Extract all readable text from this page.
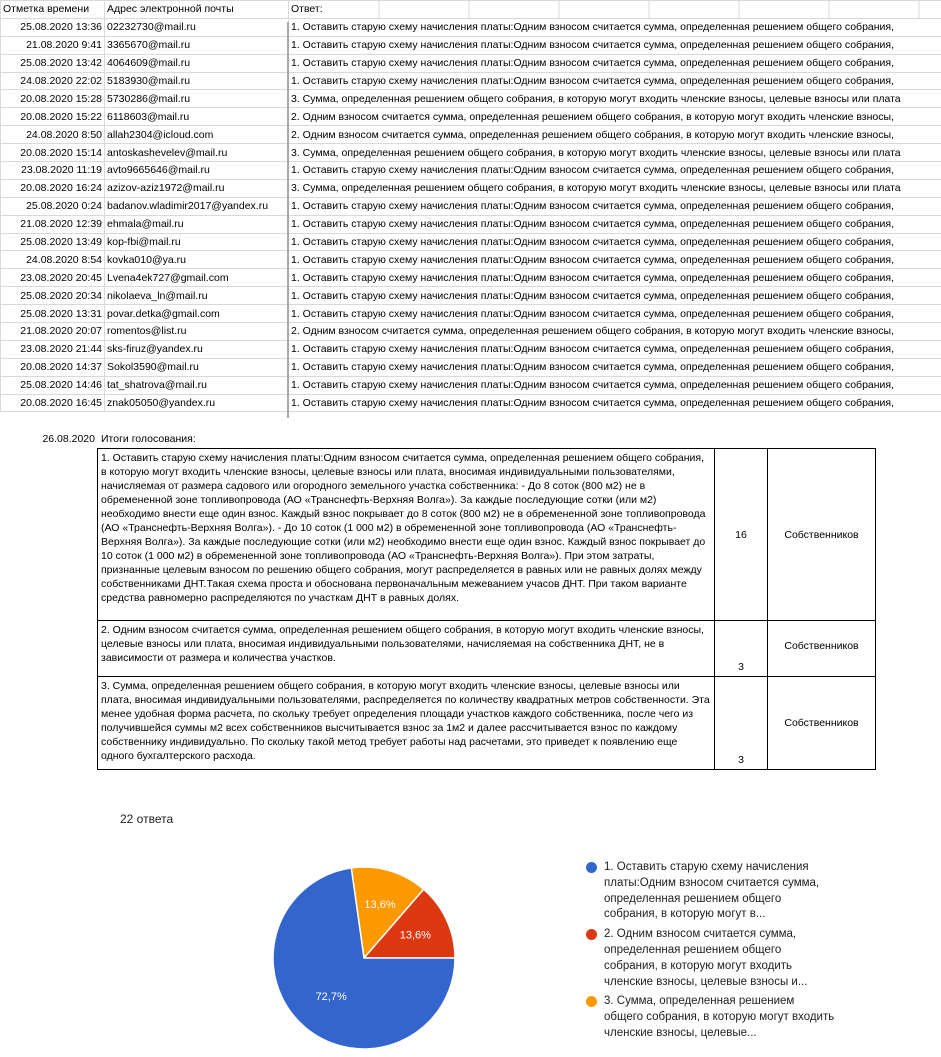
Отметка времени	Адрес электронной почты	Ответ:
25.08.2020 13:36	02232730@mail.ru	1. Оставить старую схему начисления платы:Одним взносом считается сумма, определенная решением общего собрания,
21.08.2020 9:41	3365670@mail.ru	1. Оставить старую схему начисления платы:Одним взносом считается сумма, определенная решением общего собрания,
25.08.2020 13:42	4064609@mail.ru	1. Оставить старую схему начисления платы:Одним взносом считается сумма, определенная решением общего собрания,
24.08.2020 22:02	5183930@mail.ru	1. Оставить старую схему начисления платы:Одним взносом считается сумма, определенная решением общего собрания,
20.08.2020 15:28	5730286@mail.ru	3. Сумма, определенная решением общего собрания, в которую могут входить членские взносы, целевые взносы или плата
20.08.2020 15:22	6118603@mail.ru	2. Одним взносом считается сумма, определенная решением общего собрания, в которую могут входить членские взносы,
24.08.2020 8:50	allah2304@icloud.com	2. Одним взносом считается сумма, определенная решением общего собрания, в которую могут входить членские взносы,
20.08.2020 15:14	antoskashevelev@mail.ru	3. Сумма, определенная решением общего собрания, в которую могут входить членские взносы, целевые взносы или плата
23.08.2020 11:19	avto9665646@mail.ru	1. Оставить старую схему начисления платы:Одним взносом считается сумма, определенная решением общего собрания,
20.08.2020 16:24	azizov-aziz1972@mail.ru	3. Сумма, определенная решением общего собрания, в которую могут входить членские взносы, целевые взносы или плата
25.08.2020 0:24	badanov.wladimir2017@yandex.ru	1. Оставить старую схему начисления платы:Одним взносом считается сумма, определенная решением общего собрания,
21.08.2020 12:39	ehmala@mail.ru	1. Оставить старую схему начисления платы:Одним взносом считается сумма, определенная решением общего собрания,
25.08.2020 13:49	kop-fbi@mail.ru	1. Оставить старую схему начисления платы:Одним взносом считается сумма, определенная решением общего собрания,
24.08.2020 8:54	kovka010@ya.ru	1. Оставить старую схему начисления платы:Одним взносом считается сумма, определенная решением общего собрания,
23.08.2020 20:45	Lvena4ek727@gmail.com	1. Оставить старую схему начисления платы:Одним взносом считается сумма, определенная решением общего собрания,
25.08.2020 20:34	nikolaeva_ln@mail.ru	1. Оставить старую схему начисления платы:Одним взносом считается сумма, определенная решением общего собрания,
25.08.2020 13:31	povar.detka@gmail.com	1. Оставить старую схему начисления платы:Одним взносом считается сумма, определенная решением общего собрания,
21.08.2020 20:07	romentos@list.ru	2. Одним взносом считается сумма, определенная решением общего собрания, в которую могут входить членские взносы,
23.08.2020 21:44	sks-firuz@yandex.ru	1. Оставить старую схему начисления платы:Одним взносом считается сумма, определенная решением общего собрания,
20.08.2020 14:37	Sokol3590@mail.ru	1. Оставить старую схему начисления платы:Одним взносом считается сумма, определенная решением общего собрания,
25.08.2020 14:46	tat_shatrova@mail.ru	1. Оставить старую схему начисления платы:Одним взносом считается сумма, определенная решением общего собрания,
20.08.2020 16:45	znak05050@yandex.ru	1. Оставить старую схему начисления платы:Одним взносом считается сумма, определенная решением общего собрания,
26.08.2020 Итоги голосования:
1. Оставить старую схему начисления платы:Одним взносом считается сумма, определенная решением общего собрания, в которую могут входить членские взносы, целевые взносы или плата, вносимая индивидуальными пользователями, начисляемая от размера садового или огородного земельного участка собственника: - До 8 соток (800 м2) не в обремененной зоне топливопровода (АО «Транснефть-Верхняя Волга»). За каждые последующие сотки (или м2) необходимо внести еще один взнос. Каждый взнос покрывает до 8 соток (800 м2) не в обремененной зоне топливопровода (АО «Транснефть-Верхняя Волга»). - До 10 соток (1 000 м2) в обремененной зоне топливопровода (АО «Транснефть-Верхняя Волга»). За каждые последующие сотки (или м2) необходимо внести еще один взнос. Каждый взнос покрывает до 10 соток (1 000 м2) в обремененной зоне топливопровода (АО «Транснефть-Верхняя Волга»). При этом затраты, признанные целевым взносом по решению общего собрания, могут распределяется в равных или не равных долях между собственниками ДНТ.Такая схема проста и обоснована первоначальным межеванием учасов ДНТ. При таком варианте средства равномерно распределяются по участкам ДНТ в равных долях.	16	Собственников
2. Одним взносом считается сумма, определенная решением общего собрания, в которую могут входить членские взносы, целевые взносы или плата, вносимая индивидуальными пользователями, начисляемая на собственника ДНТ, не в зависимости от размера и количества участков.	3	Собственников
3. Сумма, определенная решением общего собрания, в которую могут входить членские взносы, целевые взносы или плата, вносимая индивидуальными пользователями, распределяется по количеству квадратных метров собственности. Эта менее удобная форма расчета, по скольку требует определения площади участков каждого собственника, после чего из получившейся суммы м2 всех собственников высчитывается взнос за 1м2 и далее рассчитывается взнос по каждому собственнику индивидуально. По скольку такой метод требует работы над расчетами, это приведет к появлению еще одного бухгалтерского расхода.	3	Собственников
22 ответа
13,6%
13,6%
72,7%
1. Оставить старую схему начисления платы:Одним взносом считается сумма, определенная решением общего собрания, в которую могут в...
2. Одним взносом считается сумма, определенная решением общего собрания, в которую могут входить членские взносы, целевые взносы и...
3. Сумма, определенная решением общего собрания, в которую могут входить членские взносы, целевые...
